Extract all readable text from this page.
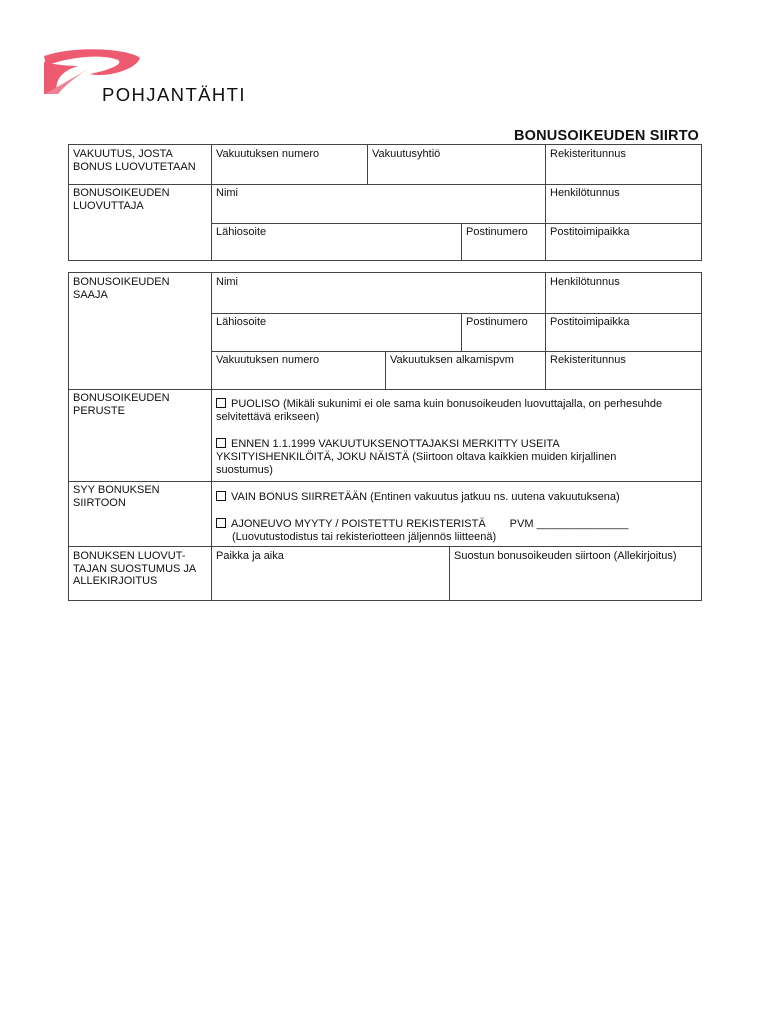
+
POHJANTÄHTI
BONUSOIKEUDEN SIIRTO
VAKUUTUS, JOSTA
BONUS LUOVUTETAAN
Vakuutuksen numero	Vakuutusyhtiö	Rekisteritunnus
BONUSOIKEUDEN
LUOVUTTAJA
Nimi	Henkilötunnus
Lähiosoite	Postinumero Postitoimipaikka
BONUSOIKEUDEN
SAAJA
Nimi	Henkilötunnus
Lähiosoite	Postinumero Postitoimipaikka
Vakuutuksen numero	Vakuutuksen alkamispvm	Rekisteritunnus
BONUSOIKEUDEN
PERUSTE
PUOLISO (Mikäli sukunimi ei ole sama kuin bonusoikeuden luovuttajalla, on perhesuhde selvitettävä erikseen)
ENNEN 1.1.1999 VAKUUTUKSENOTTAJAKSI MERKITTY USEITA YKSITYISHENKILÖITÄ, JOKU NÄISTÄ (Siirtoon oltava kaikkien muiden kirjallinen suostumus)
SYY BONUKSEN
SIIRTOON	VAIN BONUS SIIRRETÄÄN (Entinen vakuutus jatkuu ns. uutena vakuutuksena)
AJONEUVO MYYTY / POISTETTU REKISTERISTÄ PVM _______________
(Luovutustodistus tai rekisteriotteen jäljennös liitteenä)
BONUKSEN LUOVUT-
TAJAN SUOSTUMUS JA
ALLEKIRJOITUS
Paikka ja aika	Suostun bonusoikeuden siirtoon (Allekirjoitus)
